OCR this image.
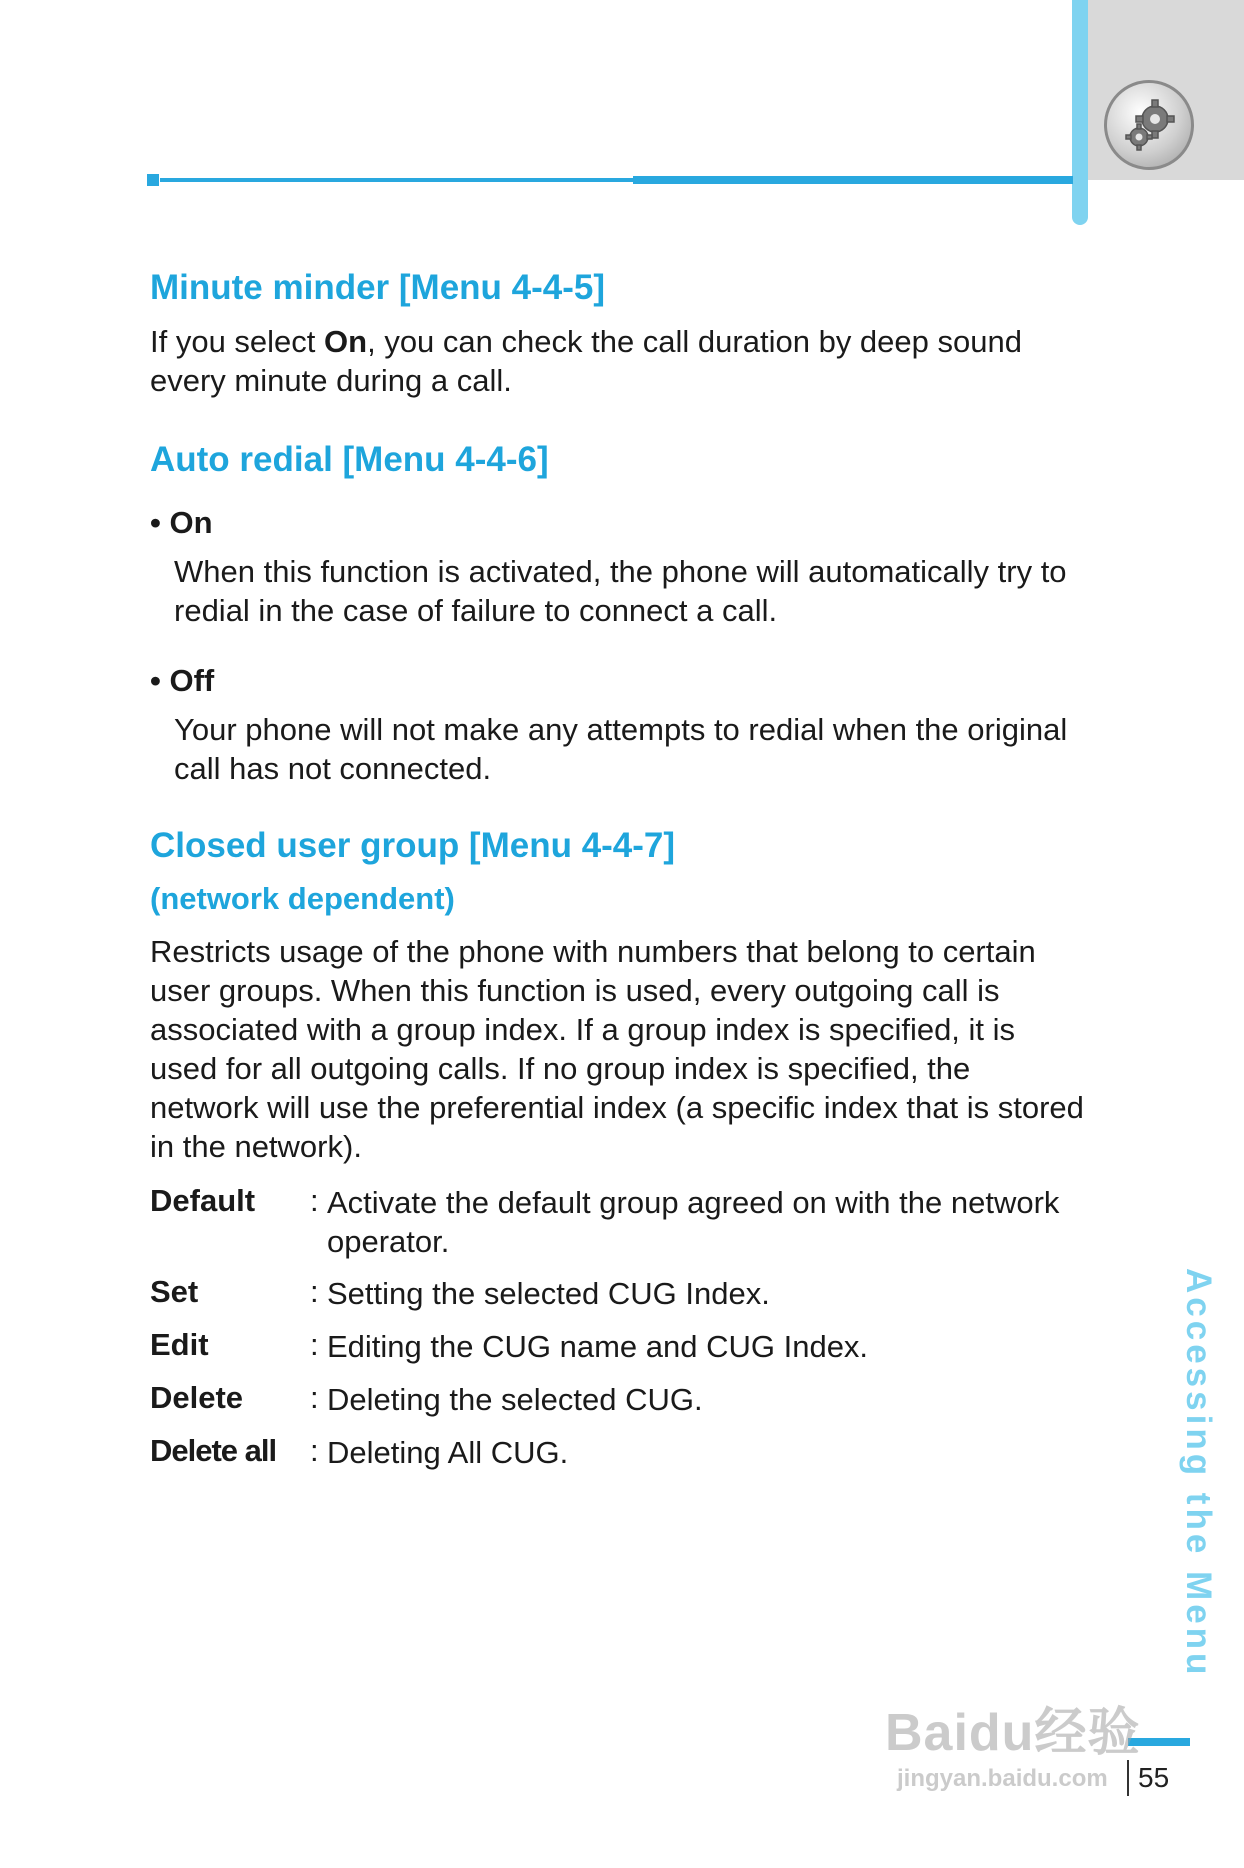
Minute minder [Menu 4-4-5]
If you select On, you can check the call duration by deep sound
every minute during a call.
Auto redial [Menu 4-4-6]
• On
When this function is activated, the phone will automatically try to
redial in the case of failure to connect a call.
• Off
Your phone will not make any attempts to redial when the original
call has not connected.
Closed user group [Menu 4-4-7]
(network dependent)
Restricts usage of the phone with numbers that belong to certain
user groups. When this function is used, every outgoing call is
associated with a group index. If a group index is specified, it is
used for all outgoing calls. If no group index is specified, the
network will use the preferential index (a specific index that is stored
in the network).
Default : Activate the default group agreed on with the network
operator.
Set	: Setting the selected CUG Index.
Edit	: Editing the CUG name and CUG Index.
Delete : Deleting the selected CUG.
Delete all : Deleting All CUG.	Accessing the Menu
55
Baidu经验
jingyan.baidu.com
